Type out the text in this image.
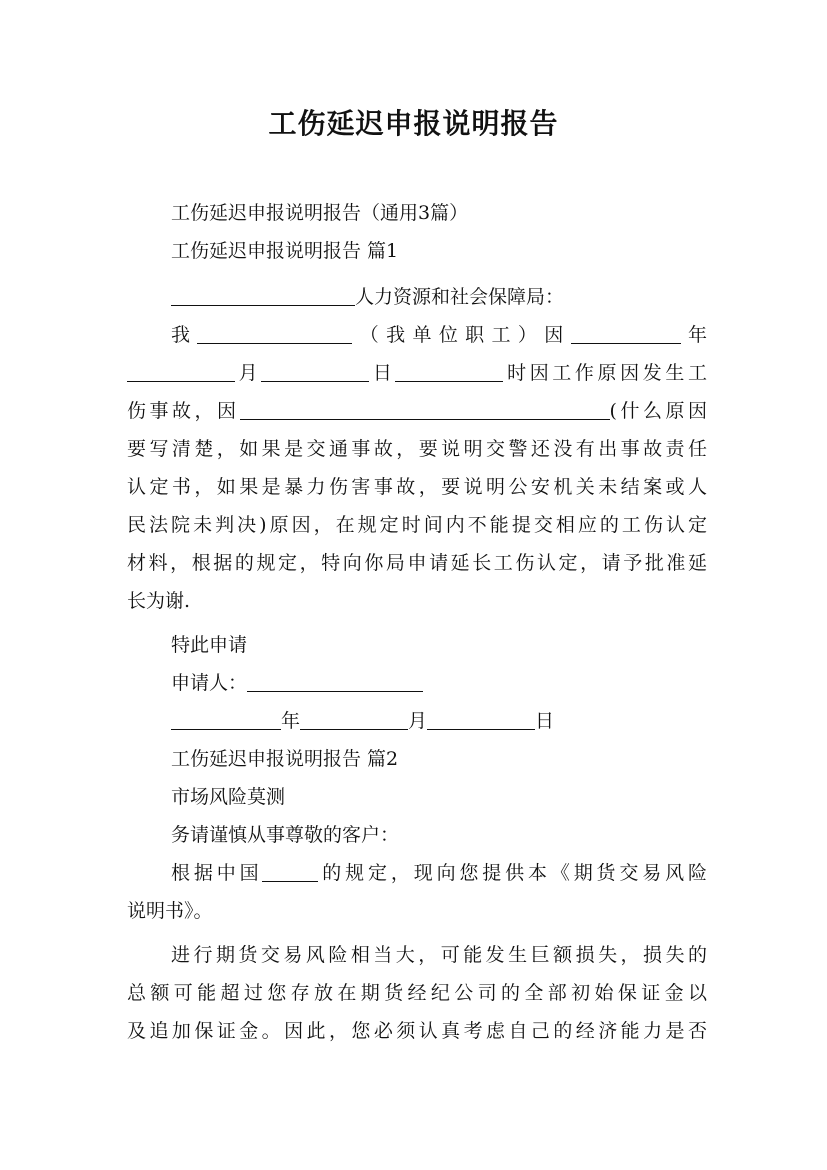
工伤延迟申报说明报告
工伤延迟申报说明报告（通用3篇）
工伤延迟申报说明报告 篇1
人力资源和社会保障局：
我	（我单位职工）因	年
月	日	时因工作原因发生工
伤事故，因	(什么原因
要写清楚，如果是交通事故，要说明交警还没有出事故责任
认定书，如果是暴力伤害事故，要说明公安机关未结案或人
民法院未判决)原因，在规定时间内不能提交相应的工伤认定
材料，根据的规定，特向你局申请延长工伤认定，请予批准延
长为谢.
特此申请
申请人：
年	月	日
工伤延迟申报说明报告 篇2
市场风险莫测
务请谨慎从事尊敬的客户：
根据中国	的规定，现向您提供本《期货交易风险
说明书》。
进行期货交易风险相当大，可能发生巨额损失，损失的
总额可能超过您存放在期货经纪公司的全部初始保证金以
及追加保证金。因此，您必须认真考虑自己的经济能力是否
